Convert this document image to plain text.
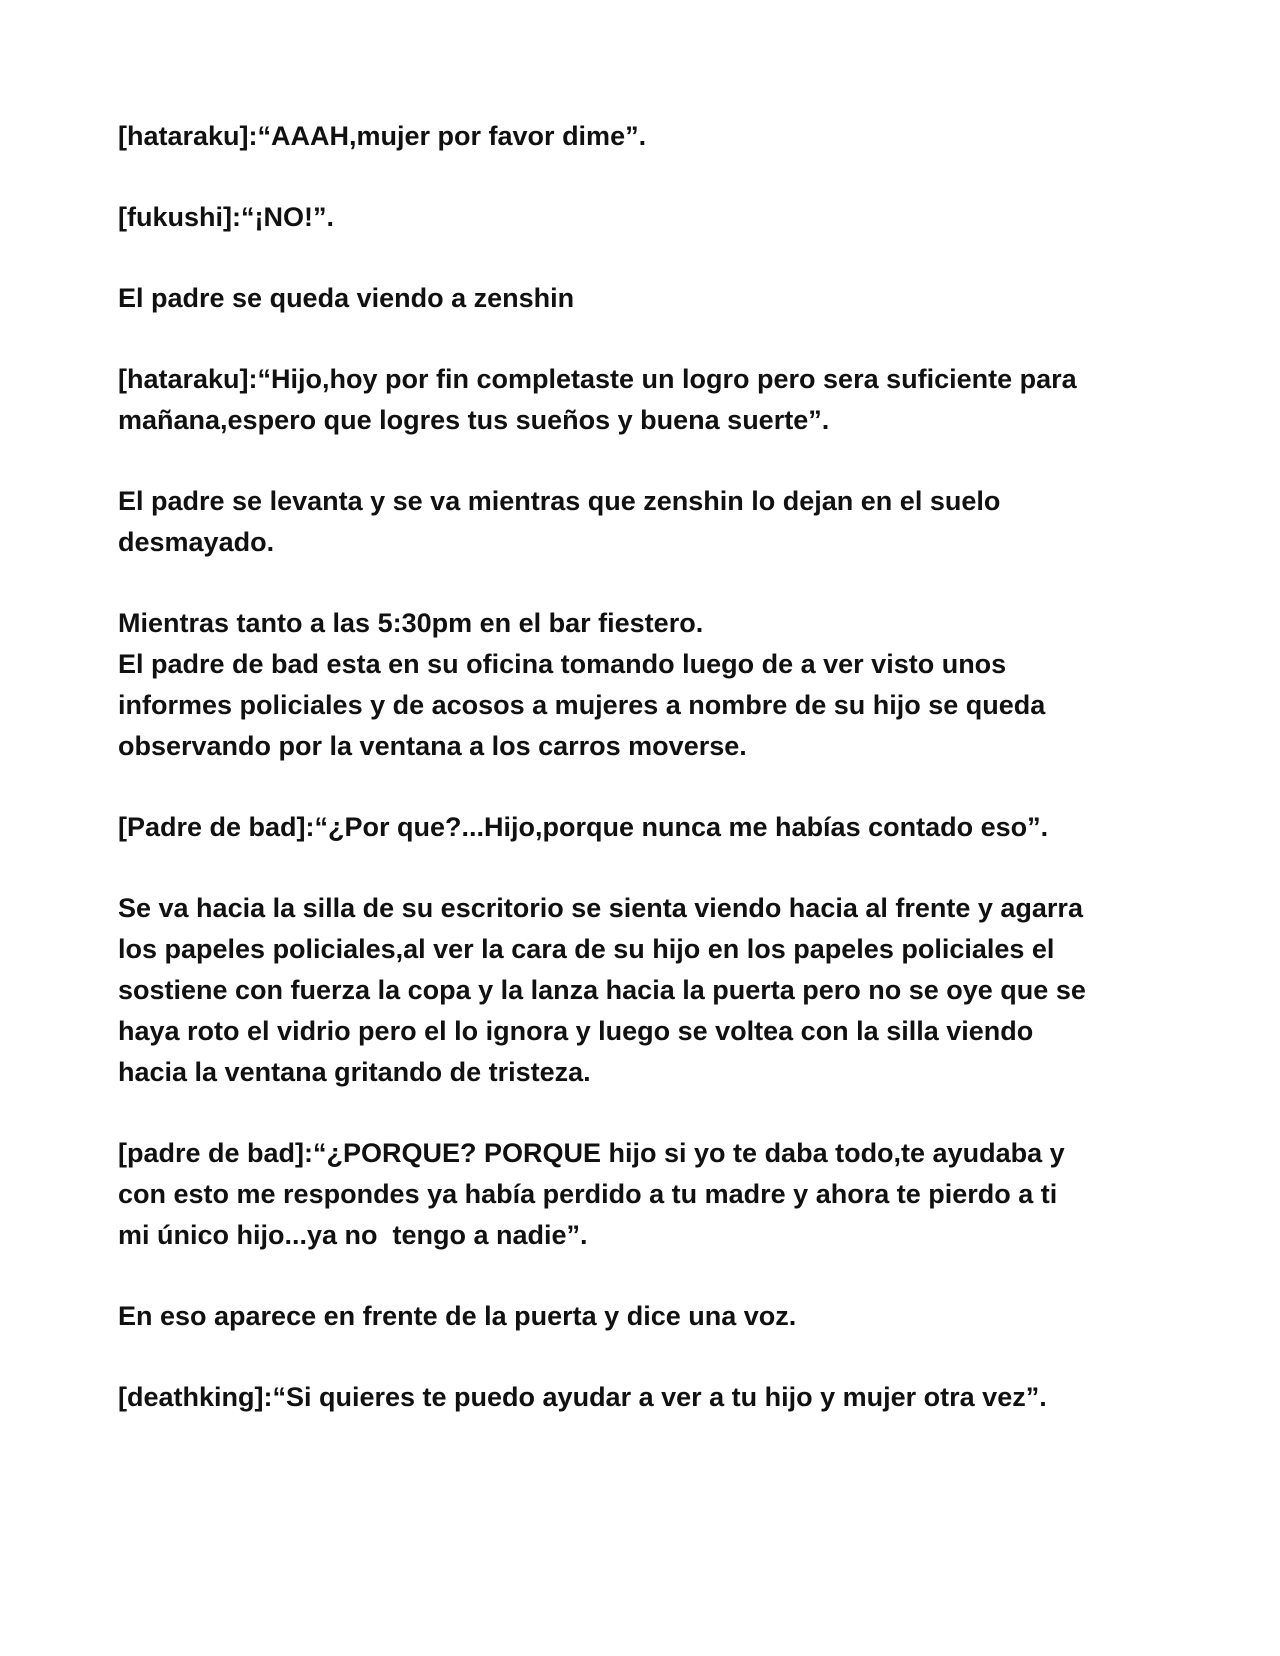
[hataraku]:“AAAH,mujer por favor dime”.

[fukushi]:“¡NO!”.

El padre se queda viendo a zenshin

[hataraku]:“Hijo,hoy por fin completaste un logro pero sera suficiente para
mañana,espero que logres tus sueños y buena suerte”.

El padre se levanta y se va mientras que zenshin lo dejan en el suelo
desmayado.

Mientras tanto a las 5:30pm en el bar fiestero.

El padre de bad esta en su oficina tomando luego de a ver visto unos
informes policiales y de acosos a mujeres a nombre de su hijo se queda
observando por la ventana a los carros moverse.

[Padre de bad]:“¿Por que?...Hijo,porque nunca me habías contado eso”.

Se va hacia la silla de su escritorio se sienta viendo hacia al frente y agarra
los papeles policiales,al ver la cara de su hijo en los papeles policiales el
sostiene con fuerza la copa y la lanza hacia la puerta pero no se oye que se
haya roto el vidrio pero el lo ignora y luego se voltea con la silla viendo
hacia la ventana gritando de tristeza.

[padre de bad]:“¿PORQUE? PORQUE hijo si yo te daba todo,te ayudaba y
con esto me respondes ya había perdido a tu madre y ahora te pierdo a ti
mi único hijo...ya no  tengo a nadie”.

En eso aparece en frente de la puerta y dice una voz.

[deathking]:“Si quieres te puedo ayudar a ver a tu hijo y mujer otra vez”.
